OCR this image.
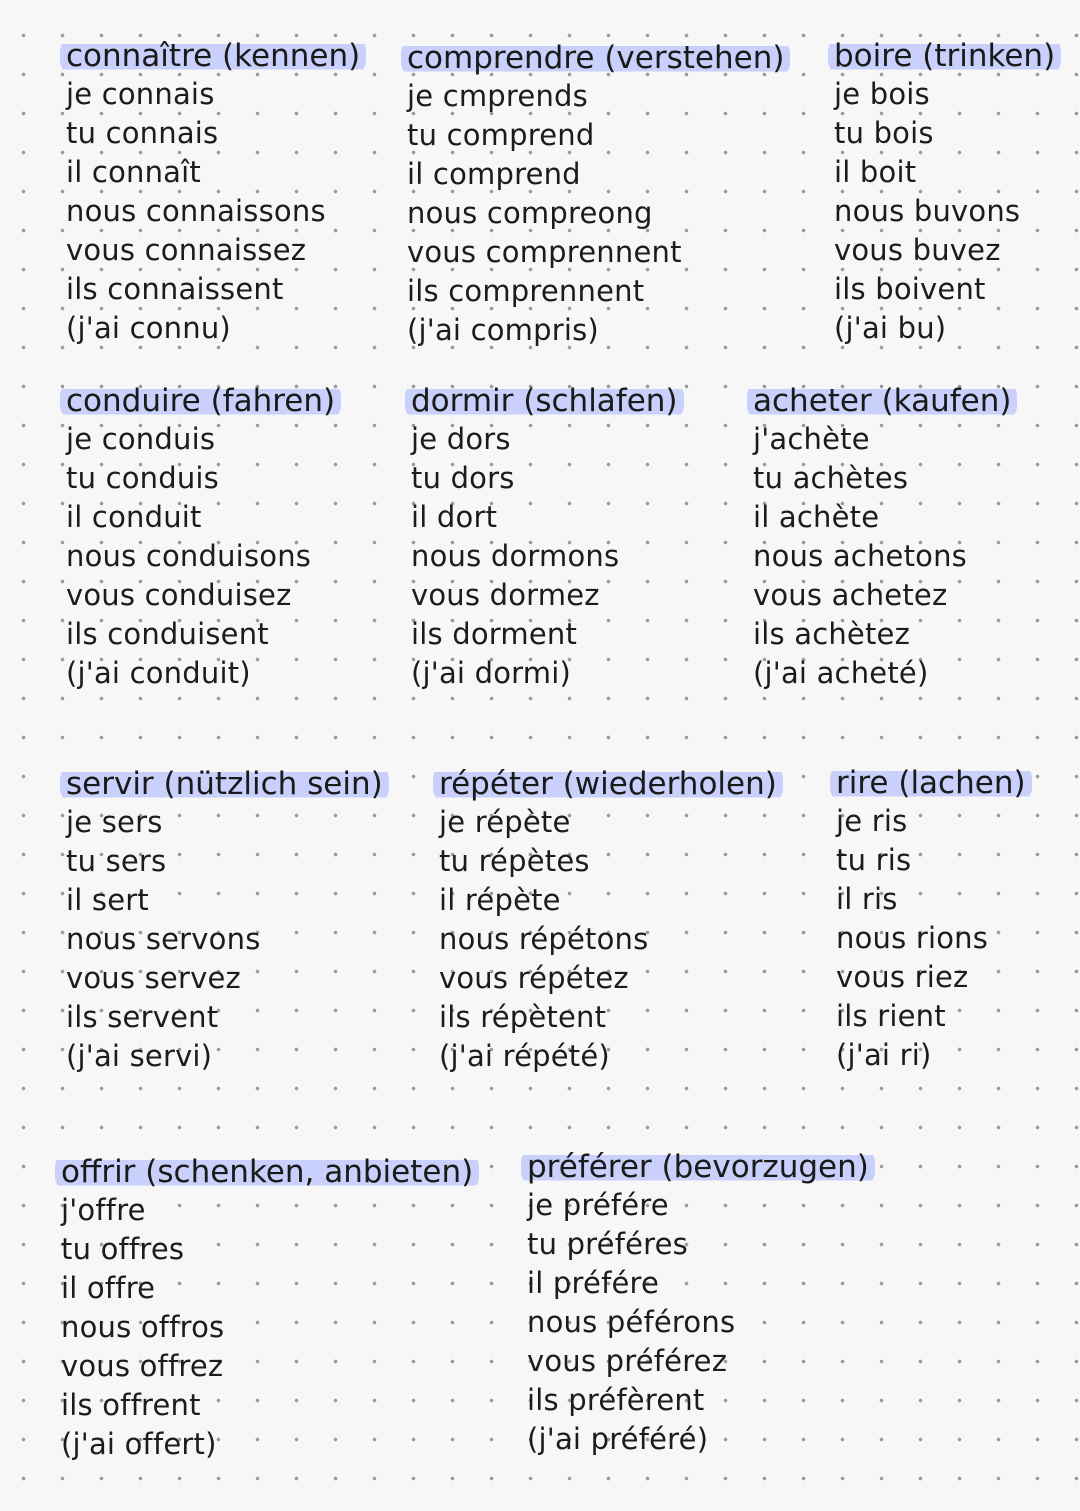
connaître (kennen)
je connais
tu connais
il connaît
nous connaissons
vous connaissez
ils connaissent
(j'ai connu)
comprendre (verstehen)
je cmprends
tu comprend
il comprend
nous compreong
vous comprennent
ils comprennent
(j'ai compris)
boire (trinken)
je bois
tu bois
il boit
nous buvons
vous buvez
ils boivent
(j'ai bu)
conduire (fahren)
je conduis
tu conduis
il conduit
nous conduisons
vous conduisez
ils conduisent
(j'ai conduit)
dormir (schlafen)
je dors
tu dors
il dort
nous dormons
vous dormez
ils dorment
(j'ai dormi)
acheter (kaufen)
j'achète
tu achètes
il achète
nous achetons
vous achetez
ils achètez
(j'ai acheté)
servir (nützlich sein)
je sers
tu sers
il sert
nous servons
vous servez
ils servent
(j'ai servi)
répéter (wiederholen)
je répète
tu répètes
il répète
nous répétons
vous répétez
ils répètent
(j'ai répété)
rire (lachen)
je ris
tu ris
il ris
nous rions
vous riez
ils rient
(j'ai ri)
offrir (schenken, anbieten)
j'offre
tu offres
il offre
nous offros
vous offrez
ils offrent
(j'ai offert)
préférer (bevorzugen)
je préfére
tu préféres
il préfére
nous péférons
vous préférez
ils préfèrent
(j'ai préféré)
